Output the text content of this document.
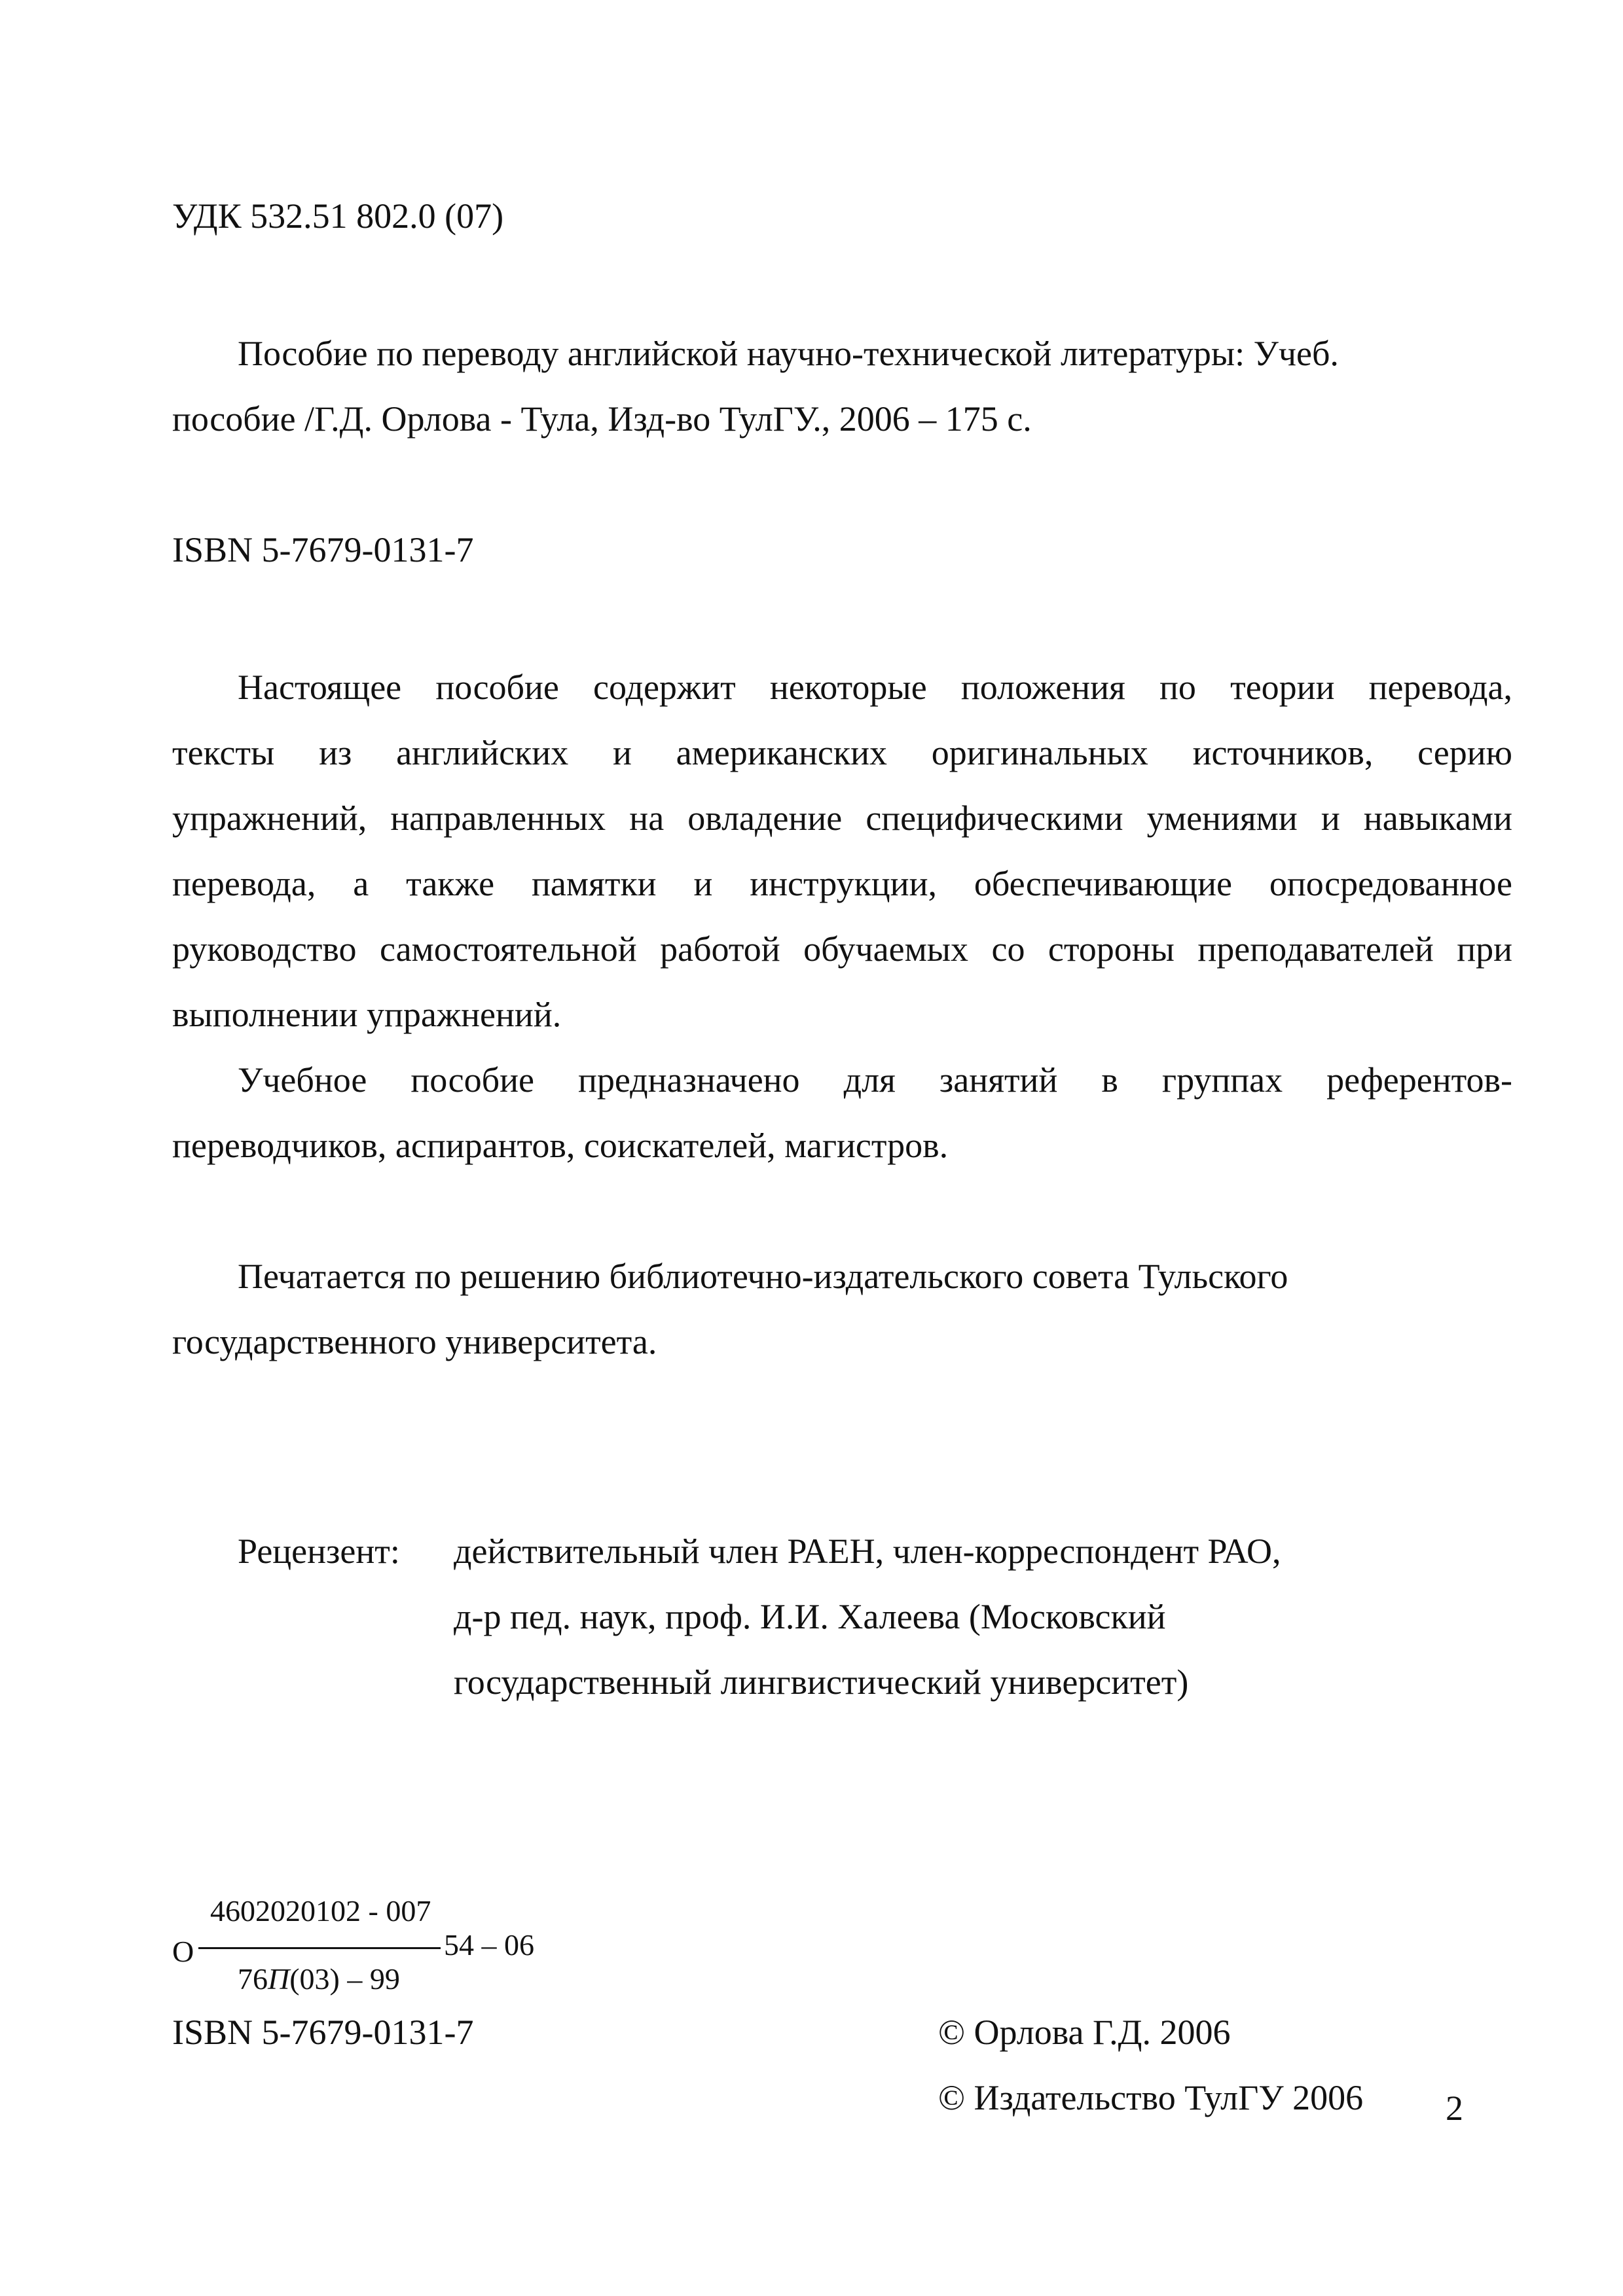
УДК 532.51 802.0 (07)

Пособие по переводу английской научно-технической литературы: Учеб.

пособие /Г.Д. Орлова - Тула, Изд-во ТулГУ., 2006 – 175 с.

ISBN 5-7679-0131-7

Настоящее пособие содержит некоторые положения по теории перевода,

тексты из английских и американских оригинальных источников, серию

упражнений, направленных на овладение специфическими умениями и навыками

перевода, а также памятки и инструкции, обеспечивающие опосредованное

руководство самостоятельной работой обучаемых со стороны преподавателей при

выполнении упражнений.

Учебное пособие предназначено для занятий в группах референтов-

переводчиков, аспирантов, соискателей, магистров.

Печатается по решению библиотечно-издательского совета Тульского

государственного университета.

Рецензент: действительный член РАЕН, член-корреспондент РАО,

д-р пед. наук, проф. И.И. Халеева (Московский

государственный лингвистический университет)

О
4602020102 - 007
76П(03) – 99
54 – 06

ISBN 5-7679-0131-7	© Орлова Г.Д. 2006

© Издательство ТулГУ 2006 2
